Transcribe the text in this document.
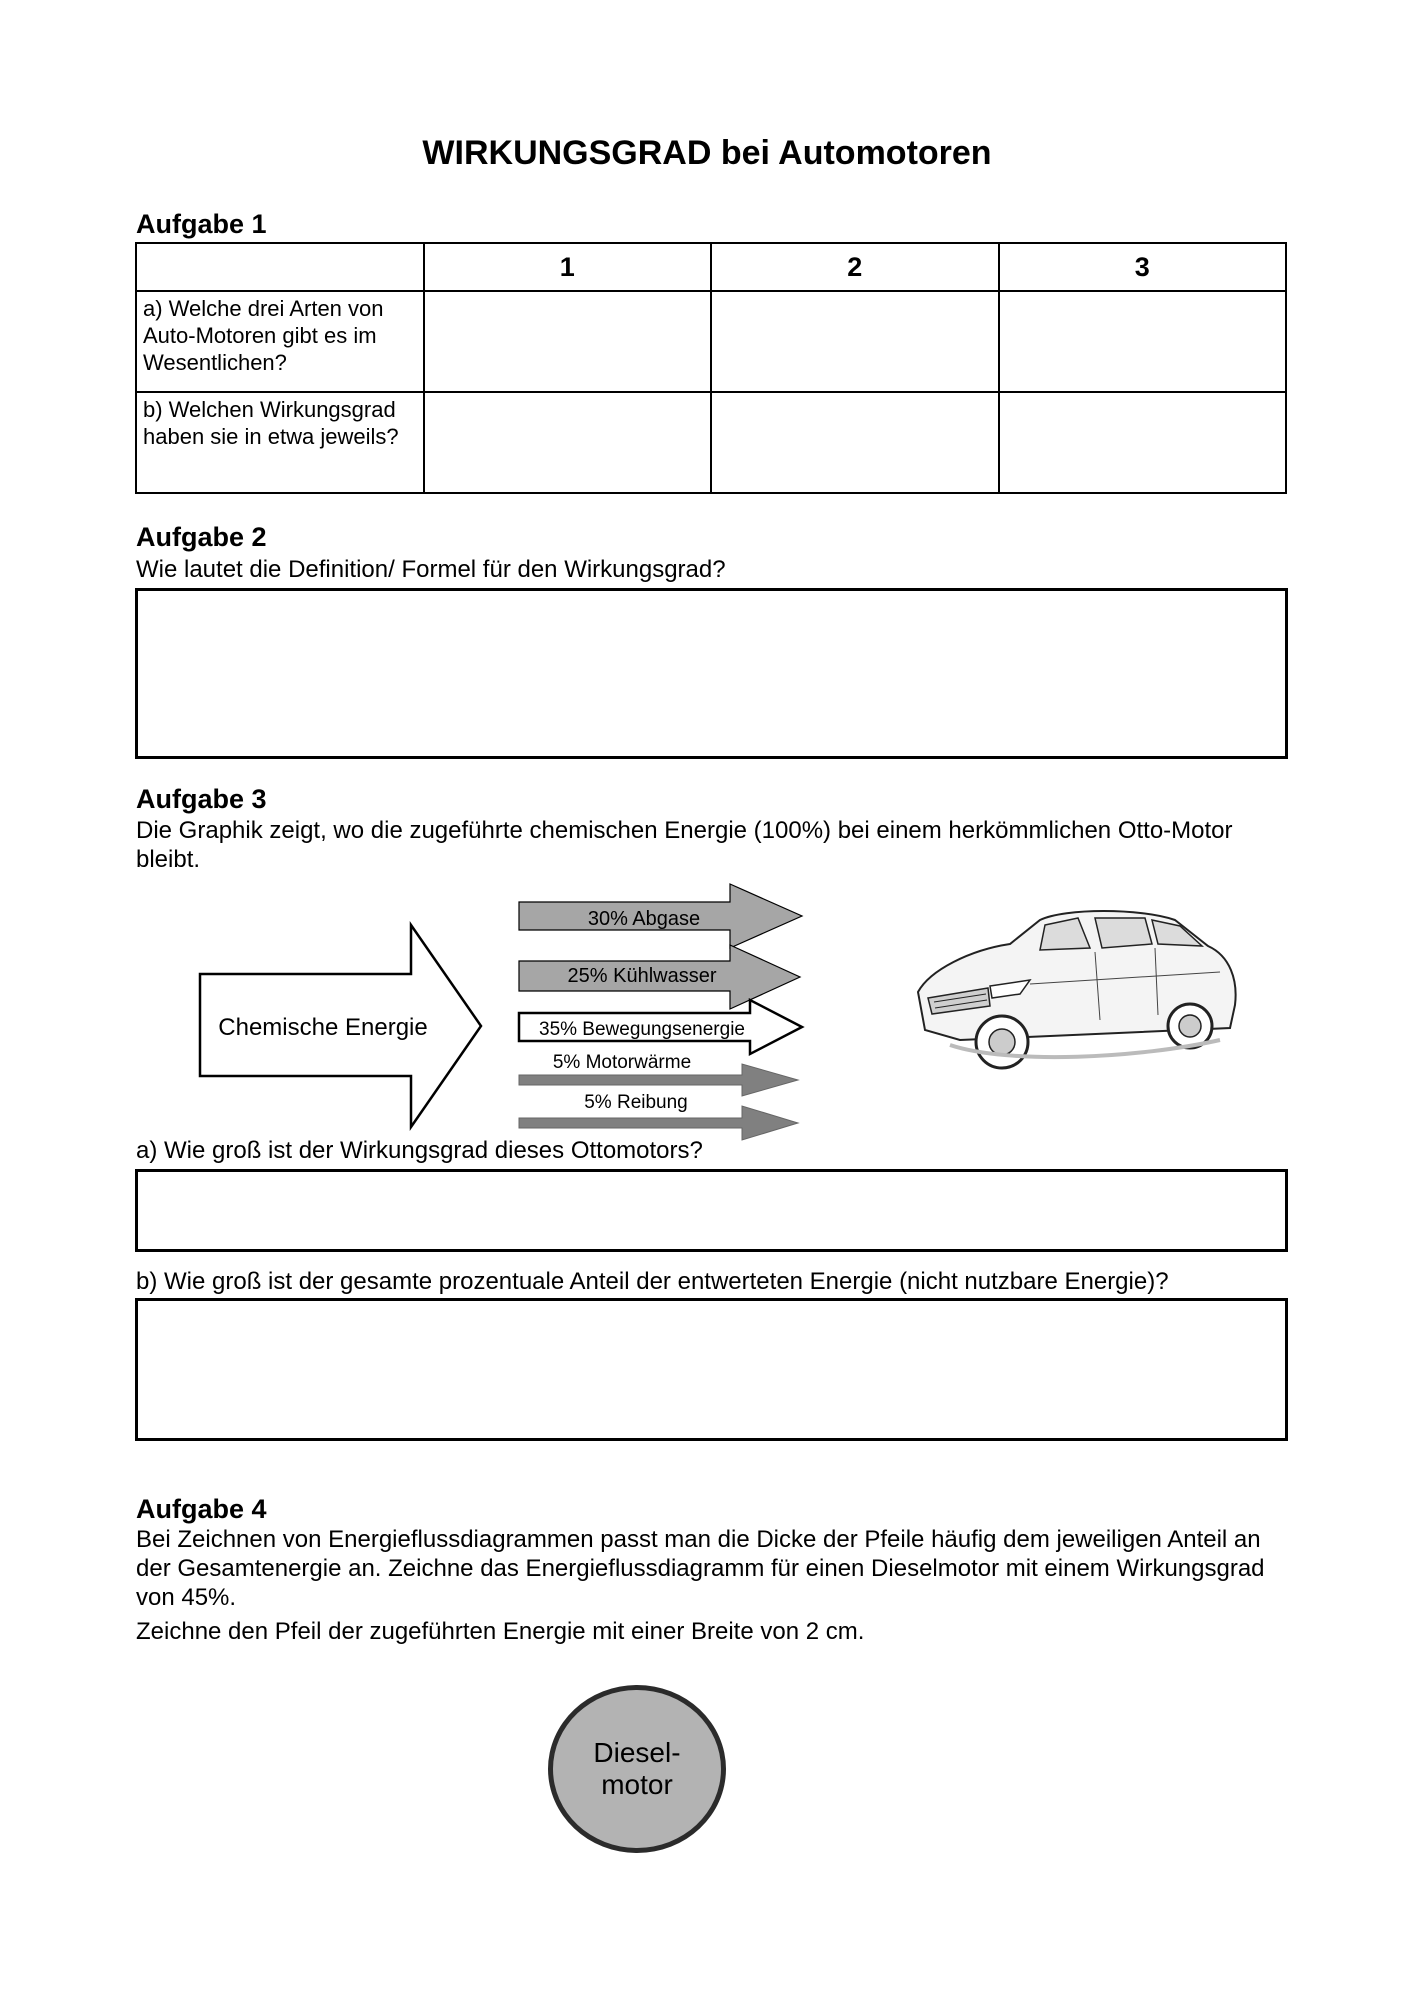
WIRKUNGSGRAD bei Automotoren
Aufgabe 1
	1	2	3
a) Welche drei Arten von Auto-Motoren gibt es im Wesentlichen?			
b) Welchen Wirkungsgrad haben sie in etwa jeweils?			
Aufgabe 2
Wie lautet die Definition/ Formel für den Wirkungsgrad?
Aufgabe 3
Die Graphik zeigt, wo die zugeführte chemischen Energie (100%) bei einem herkömmlichen Otto-Motor bleibt.
Chemische Energie
30% Abgase
25% Kühlwasser
35% Bewegungsenergie
5% Motorwärme
5% Reibung
a) Wie groß ist der Wirkungsgrad dieses Ottomotors?
b) Wie groß ist der gesamte prozentuale Anteil der entwerteten Energie (nicht nutzbare Energie)?
Aufgabe 4
Bei Zeichnen von Energieflussdiagrammen passt man die Dicke der Pfeile häufig dem jeweiligen Anteil an der Gesamtenergie an. Zeichne das Energieflussdiagramm für einen Dieselmotor mit einem Wirkungsgrad von 45%.
Zeichne den Pfeil der zugeführten Energie mit einer Breite von 2 cm.
Diesel-
motor
